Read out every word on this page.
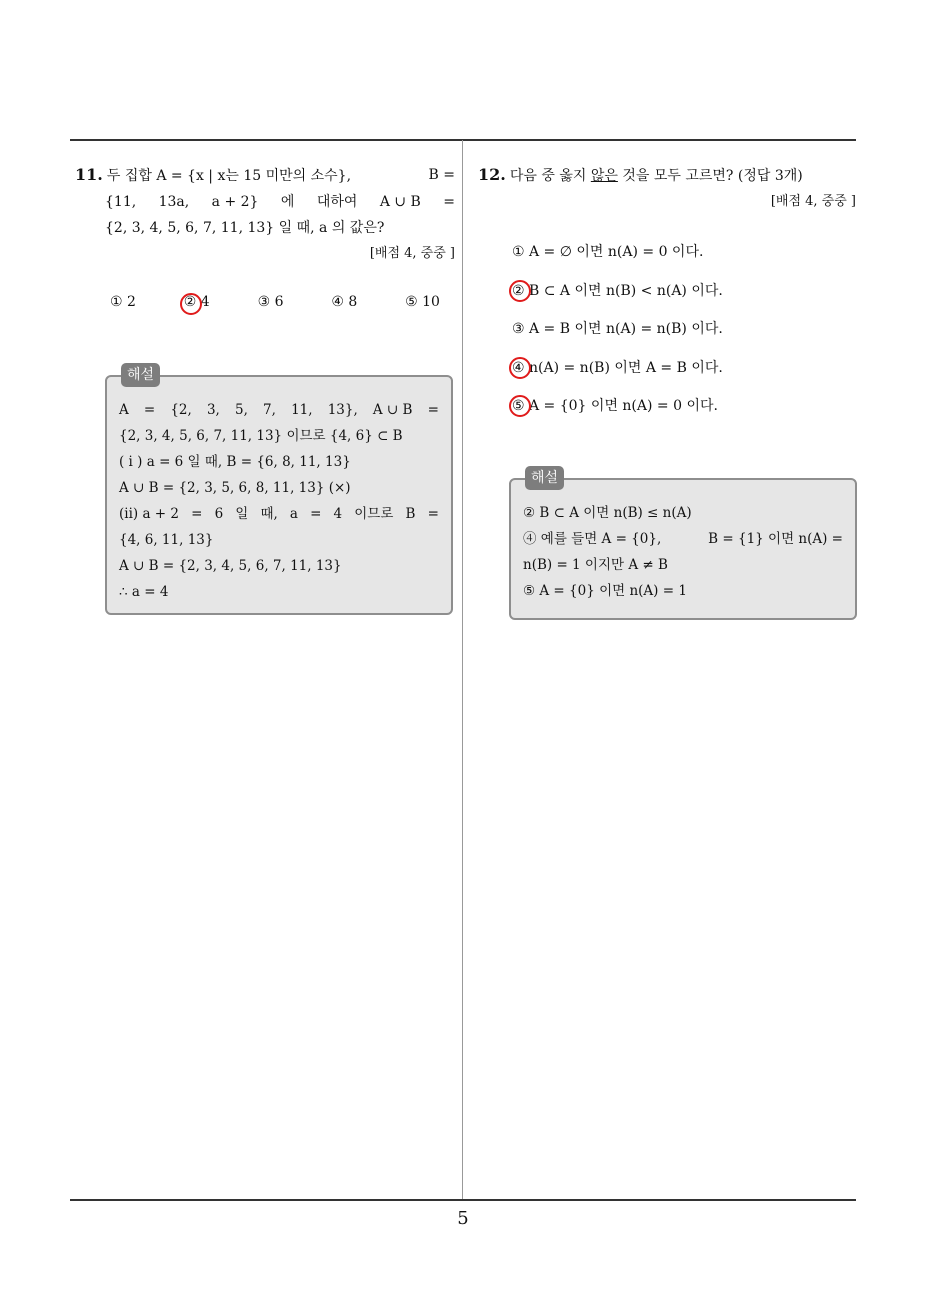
11. 두 집합 A = {x | x는 15 미만의 소수},	B =
{11, 13a, a + 2} 에 대하여 A ∪ B =
{2, 3, 4, 5, 6, 7, 11, 13} 일 때, a 의 값은?
[배점 4, 중중 ]
① 2	② 4	③ 6	④ 8	⑤ 10
해설
A = {2, 3, 5, 7, 11, 13}, A ∪ B =
{2, 3, 4, 5, 6, 7, 11, 13} 이므로 {4, 6} ⊂ B
( i ) a = 6 일 때, B = {6, 8, 11, 13}
A ∪ B = {2, 3, 5, 6, 8, 11, 13} (×)
(ii) a + 2 = 6 일 때, a = 4 이므로 B =
{4, 6, 11, 13}
A ∪ B = {2, 3, 4, 5, 6, 7, 11, 13}
∴ a = 4
12. 다음 중 옳지 않은 것을 모두 고르면? (정답 3개)
[배점 4, 중중 ]
① A = ∅ 이면 n(A) = 0 이다.
② B ⊂ A 이면 n(B) < n(A) 이다.
③ A = B 이면 n(A) = n(B) 이다.
④ n(A) = n(B) 이면 A = B 이다.
⑤ A = {0} 이면 n(A) = 0 이다.
해설
② B ⊂ A 이면 n(B) ≤ n(A)
④ 예를 들면 A = {0},	B = {1} 이면 n(A) =
n(B) = 1 이지만 A ≠ B
⑤ A = {0} 이면 n(A) = 1
5
